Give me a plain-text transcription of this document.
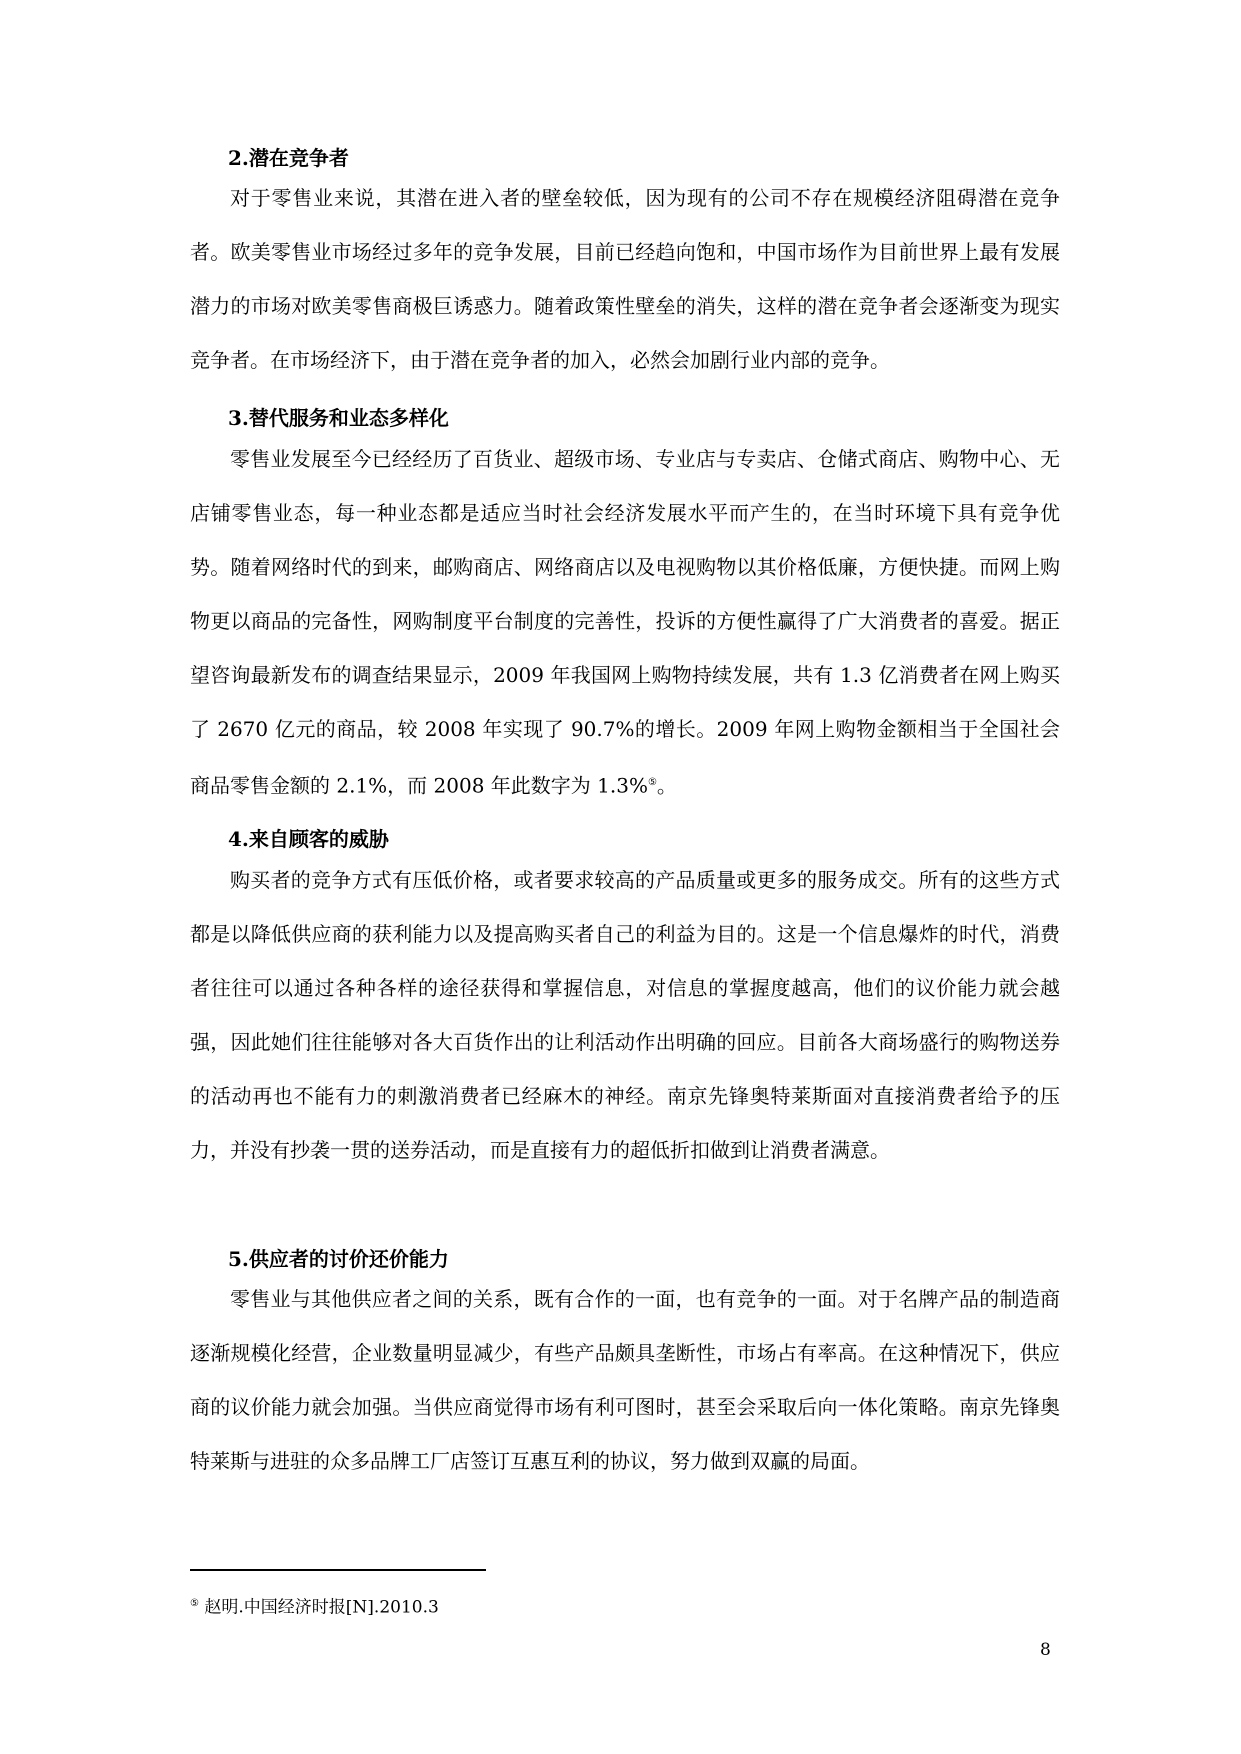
2.潜在竞争者

对于零售业来说，其潜在进入者的壁垒较低，因为现有的公司不存在规模经济阻碍潜在竞争者。欧美零售业市场经过多年的竞争发展，目前已经趋向饱和，中国市场作为目前世界上最有发展潜力的市场对欧美零售商极巨诱惑力。随着政策性壁垒的消失，这样的潜在竞争者会逐渐变为现实竞争者。在市场经济下，由于潜在竞争者的加入，必然会加剧行业内部的竞争。

3.替代服务和业态多样化

零售业发展至今已经经历了百货业、超级市场、专业店与专卖店、仓储式商店、购物中心、无店铺零售业态，每一种业态都是适应当时社会经济发展水平而产生的，在当时环境下具有竞争优势。随着网络时代的到来，邮购商店、网络商店以及电视购物以其价格低廉，方便快捷。而网上购物更以商品的完备性，网购制度平台制度的完善性，投诉的方便性赢得了广大消费者的喜爱。据正望咨询最新发布的调查结果显示，2009 年我国网上购物持续发展，共有 1.3 亿消费者在网上购买了 2670 亿元的商品，较 2008 年实现了 90.7%的增长。2009 年网上购物金额相当于全国社会商品零售金额的 2.1%，而 2008 年此数字为 1.3%⑤。

4.来自顾客的威胁

购买者的竞争方式有压低价格，或者要求较高的产品质量或更多的服务成交。所有的这些方式都是以降低供应商的获利能力以及提高购买者自己的利益为目的。这是一个信息爆炸的时代，消费者往往可以通过各种各样的途径获得和掌握信息，对信息的掌握度越高，他们的议价能力就会越强，因此她们往往能够对各大百货作出的让利活动作出明确的回应。目前各大商场盛行的购物送券的活动再也不能有力的刺激消费者已经麻木的神经。南京先锋奥特莱斯面对直接消费者给予的压力，并没有抄袭一贯的送券活动，而是直接有力的超低折扣做到让消费者满意。

5.供应者的讨价还价能力

零售业与其他供应者之间的关系，既有合作的一面，也有竞争的一面。对于名牌产品的制造商逐渐规模化经营，企业数量明显减少，有些产品颇具垄断性，市场占有率高。在这种情况下，供应商的议价能力就会加强。当供应商觉得市场有利可图时，甚至会采取后向一体化策略。南京先锋奥特莱斯与进驻的众多品牌工厂店签订互惠互利的协议，努力做到双赢的局面。

⑤ 赵明.中国经济时报[N].2010.3
8
